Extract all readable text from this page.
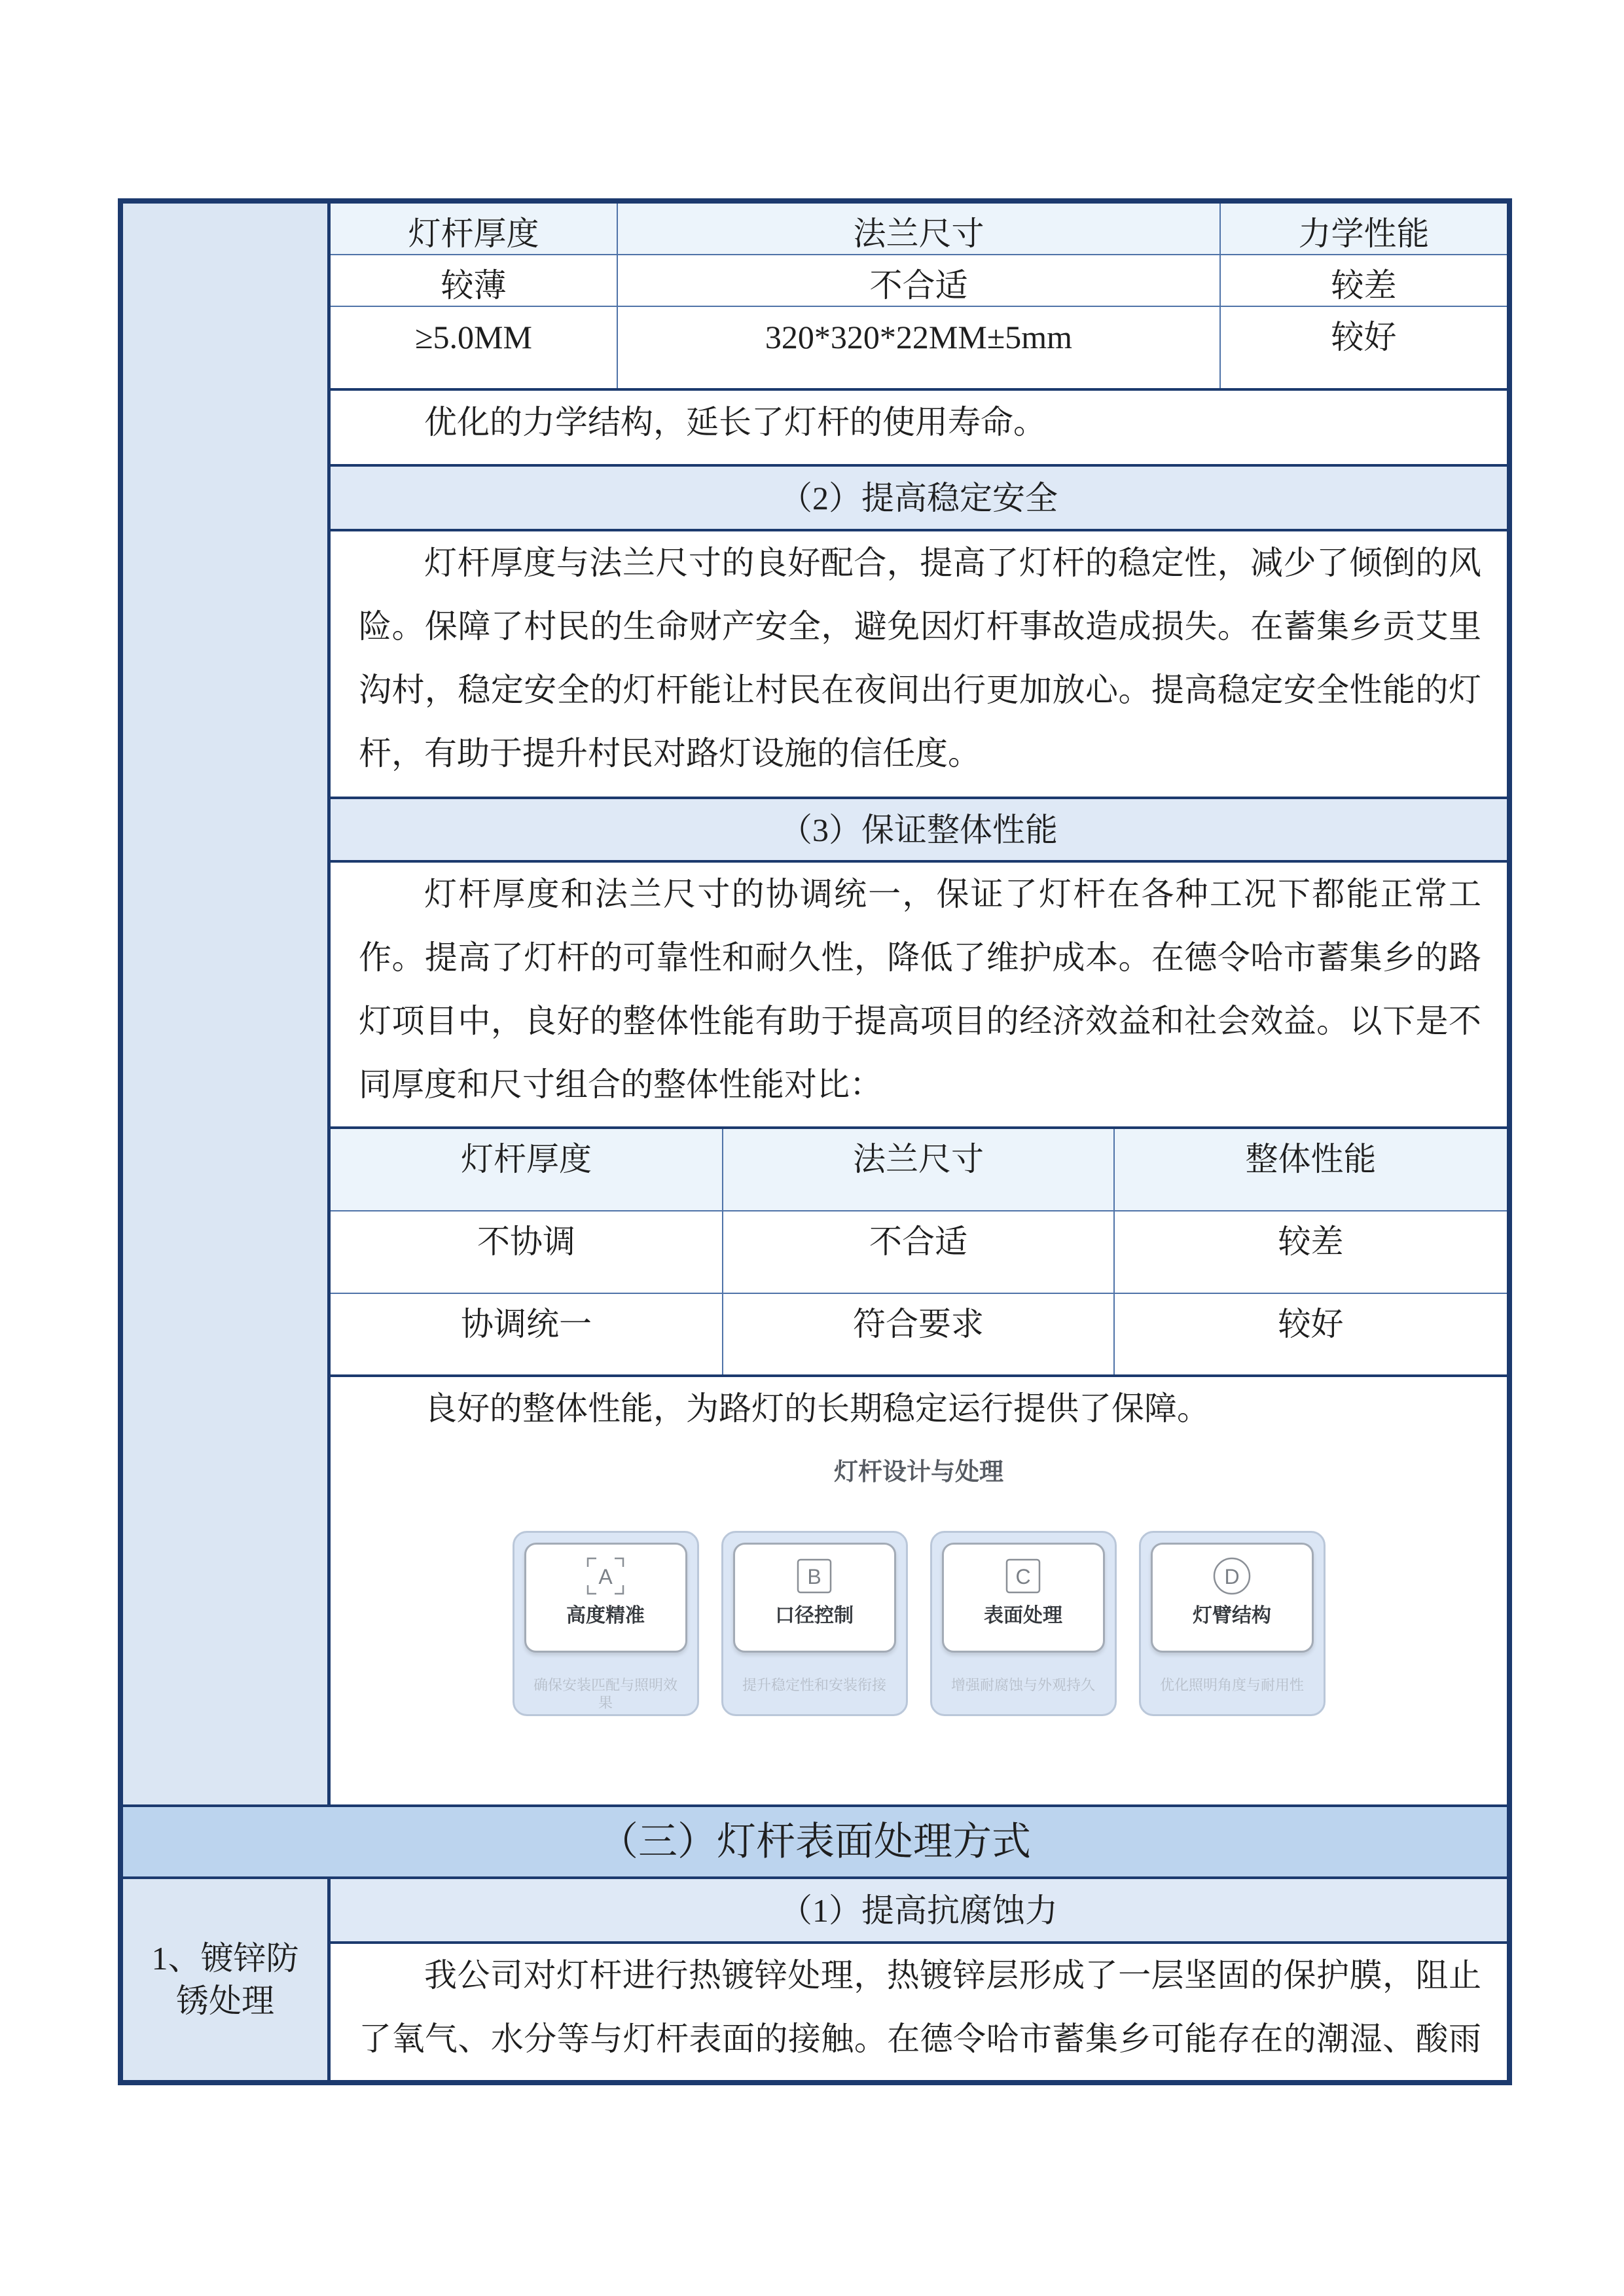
灯杆厚度	法兰尺寸	力学性能
较薄	不合适	较差
≥5.0MM	320*320*22MM±5mm	较好
优化的力学结构，延长了灯杆的使用寿命。
（2）提高稳定安全
灯杆厚度与法兰尺寸的良好配合，提高了灯杆的稳定性，减少了倾倒的风险。保障了村民的生命财产安全，避免因灯杆事故造成损失。在蓄集乡贡艾里沟村，稳定安全的灯杆能让村民在夜间出行更加放心。提高稳定安全性能的灯杆，有助于提升村民对路灯设施的信任度。
（3）保证整体性能
灯杆厚度和法兰尺寸的协调统一，保证了灯杆在各种工况下都能正常工作。提高了灯杆的可靠性和耐久性，降低了维护成本。在德令哈市蓄集乡的路灯项目中，良好的整体性能有助于提高项目的经济效益和社会效益。以下是不同厚度和尺寸组合的整体性能对比：
灯杆厚度	法兰尺寸	整体性能
不协调	不合适	较差
协调统一	符合要求	较好
良好的整体性能，为路灯的长期稳定运行提供了保障。
灯杆设计与处理
A
高度精准
确保安装匹配与照明效果
B
口径控制
提升稳定性和安装衔接
C
表面处理
增强耐腐蚀与外观持久
D
灯臂结构
优化照明角度与耐用性
（三）灯杆表面处理方式
1、镀锌防锈处理
（1）提高抗腐蚀力
我公司对灯杆进行热镀锌处理，热镀锌层形成了一层坚固的保护膜，阻止了氧气、水分等与灯杆表面的接触。在德令哈市蓄集乡可能存在的潮湿、酸雨
